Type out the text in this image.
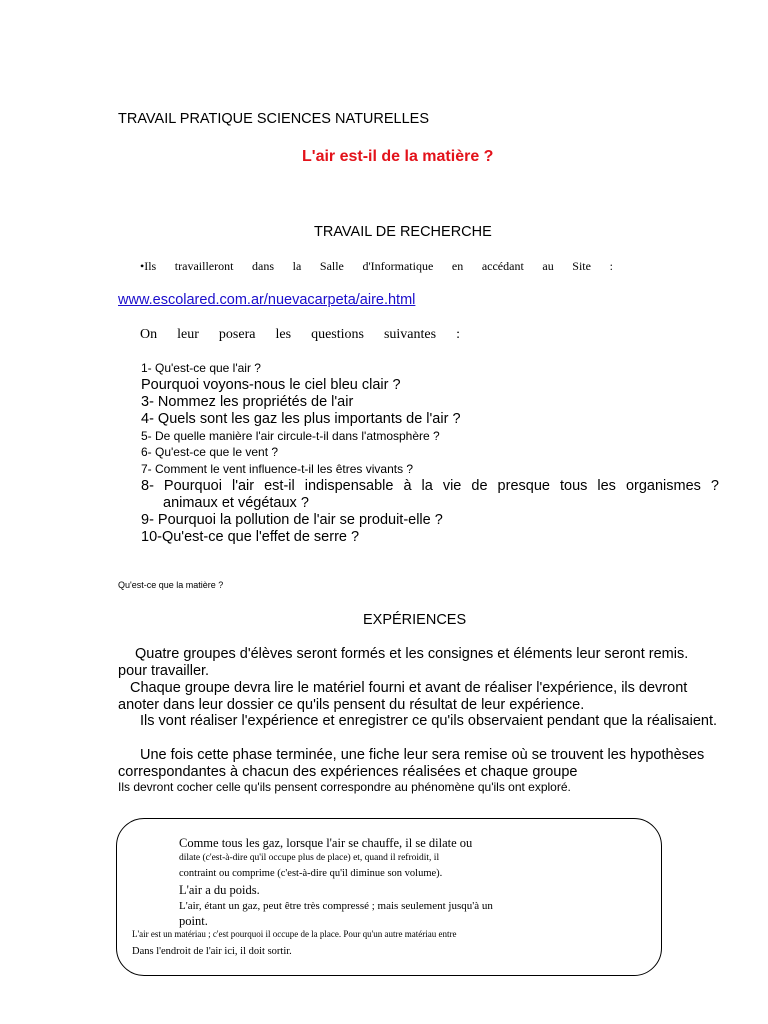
TRAVAIL PRATIQUE SCIENCES NATURELLES
L'air est-il de la matière ?
TRAVAIL DE RECHERCHE
•Ils travailleront dans la Salle d'Informatique en accédant au Site :
www.escolared.com.ar/nuevacarpeta/aire.html
On leur posera les questions suivantes :
1- Qu'est-ce que l'air ?
Pourquoi voyons-nous le ciel bleu clair ?
3- Nommez les propriétés de l'air
4- Quels sont les gaz les plus importants de l'air ?
5- De quelle manière l'air circule-t-il dans l'atmosphère ?
6- Qu'est-ce que le vent ?
7- Comment le vent influence-t-il les êtres vivants ?
8- Pourquoi l'air est-il indispensable à la vie de presque tous les organismes ?
animaux et végétaux ?
9- Pourquoi la pollution de l'air se produit-elle ?
10-Qu'est-ce que l'effet de serre ?
Qu'est-ce que la matière ?
EXPÉRIENCES
Quatre groupes d'élèves seront formés et les consignes et éléments leur seront remis. pour travailler.
Chaque groupe devra lire le matériel fourni et avant de réaliser l'expérience, ils devront anoter dans leur dossier ce qu'ils pensent du résultat de leur expérience.
Ils vont réaliser l'expérience et enregistrer ce qu'ils observaient pendant que la réalisaient.
Une fois cette phase terminée, une fiche leur sera remise où se trouvent les hypothèses correspondantes à chacun des expériences réalisées et chaque groupe
Ils devront cocher celle qu'ils pensent correspondre au phénomène qu'ils ont exploré.
Comme tous les gaz, lorsque l'air se chauffe, il se dilate ou
dilate (c'est-à-dire qu'il occupe plus de place) et, quand il refroidit, il
contraint ou comprime (c'est-à-dire qu'il diminue son volume).
L'air a du poids.
L'air, étant un gaz, peut être très compressé ; mais seulement jusqu'à un
point.
L'air est un matériau ; c'est pourquoi il occupe de la place. Pour qu'un autre matériau entre
Dans l'endroit de l'air ici, il doit sortir.
